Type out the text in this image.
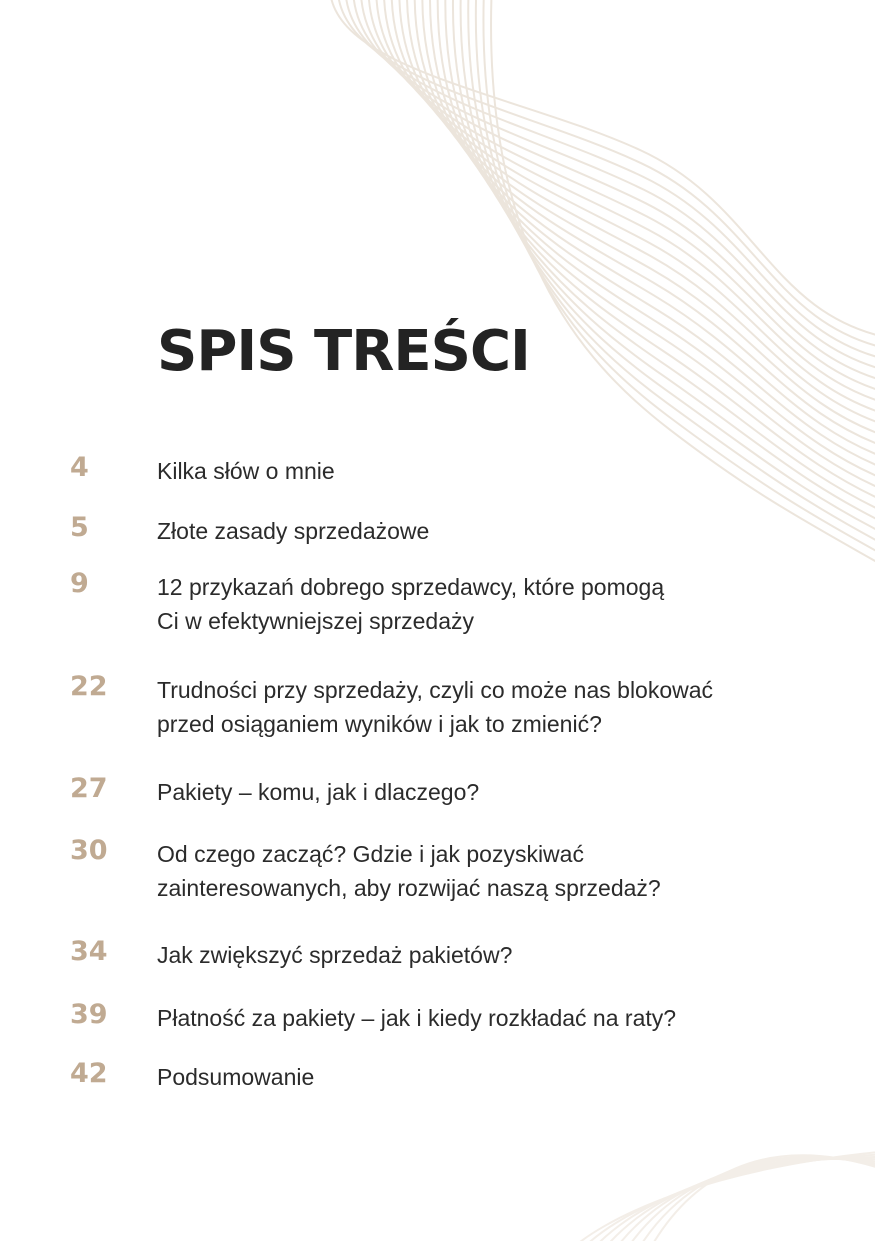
SPIS TREŚCI
4	Kilka słów o mnie
5	Złote zasady sprzedażowe
9	12 przykazań dobrego sprzedawcy, które pomogą
Ci w efektywniejszej sprzedaży
22 Trudności przy sprzedaży, czyli co może nas blokować
przed osiąganiem wyników i jak to zmienić?
27 Pakiety – komu, jak i dlaczego?
30 Od czego zacząć? Gdzie i jak pozyskiwać
zainteresowanych, aby rozwijać naszą sprzedaż?
34 Jak zwiększyć sprzedaż pakietów?
39 Płatność za pakiety – jak i kiedy rozkładać na raty?
42 Podsumowanie
